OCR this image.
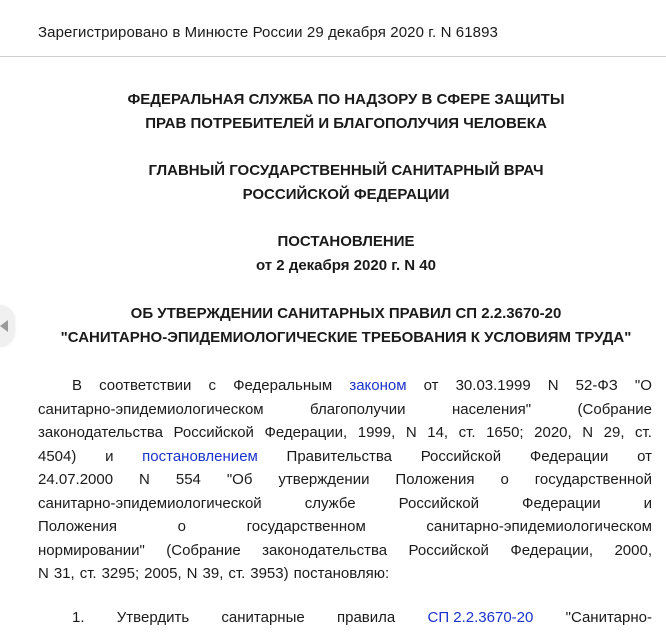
Зарегистрировано в Минюсте России 29 декабря 2020 г. N 61893
ФЕДЕРАЛЬНАЯ СЛУЖБА ПО НАДЗОРУ В СФЕРЕ ЗАЩИТЫ
ПРАВ ПОТРЕБИТЕЛЕЙ И БЛАГОПОЛУЧИЯ ЧЕЛОВЕКА
ГЛАВНЫЙ ГОСУДАРСТВЕННЫЙ САНИТАРНЫЙ ВРАЧ
РОССИЙСКОЙ ФЕДЕРАЦИИ
ПОСТАНОВЛЕНИЕ
от 2 декабря 2020 г. N 40
ОБ УТВЕРЖДЕНИИ САНИТАРНЫХ ПРАВИЛ СП 2.2.3670-20
"САНИТАРНО-ЭПИДЕМИОЛОГИЧЕСКИЕ ТРЕБОВАНИЯ К УСЛОВИЯМ ТРУДА"
В соответствии с Федеральным законом от 30.03.1999 N 52-ФЗ "О
санитарно-эпидемиологическом	благополучии	населения"	(Собрание
законодательства Российской Федерации, 1999, N 14, ст. 1650; 2020, N 29, ст.
4504) и постановлением Правительства Российской Федерации от
24.07.2000 N 554 "Об утверждении Положения о государственной
санитарно-эпидемиологической	службе	Российской	Федерации	и
Положения	о	государственном	санитарно-эпидемиологическом
нормировании" (Собрание законодательства Российской Федерации, 2000,
N 31, ст. 3295; 2005, N 39, ст. 3953) постановляю:
1. Утвердить санитарные правила СП 2.2.3670-20 "Санитарно-
